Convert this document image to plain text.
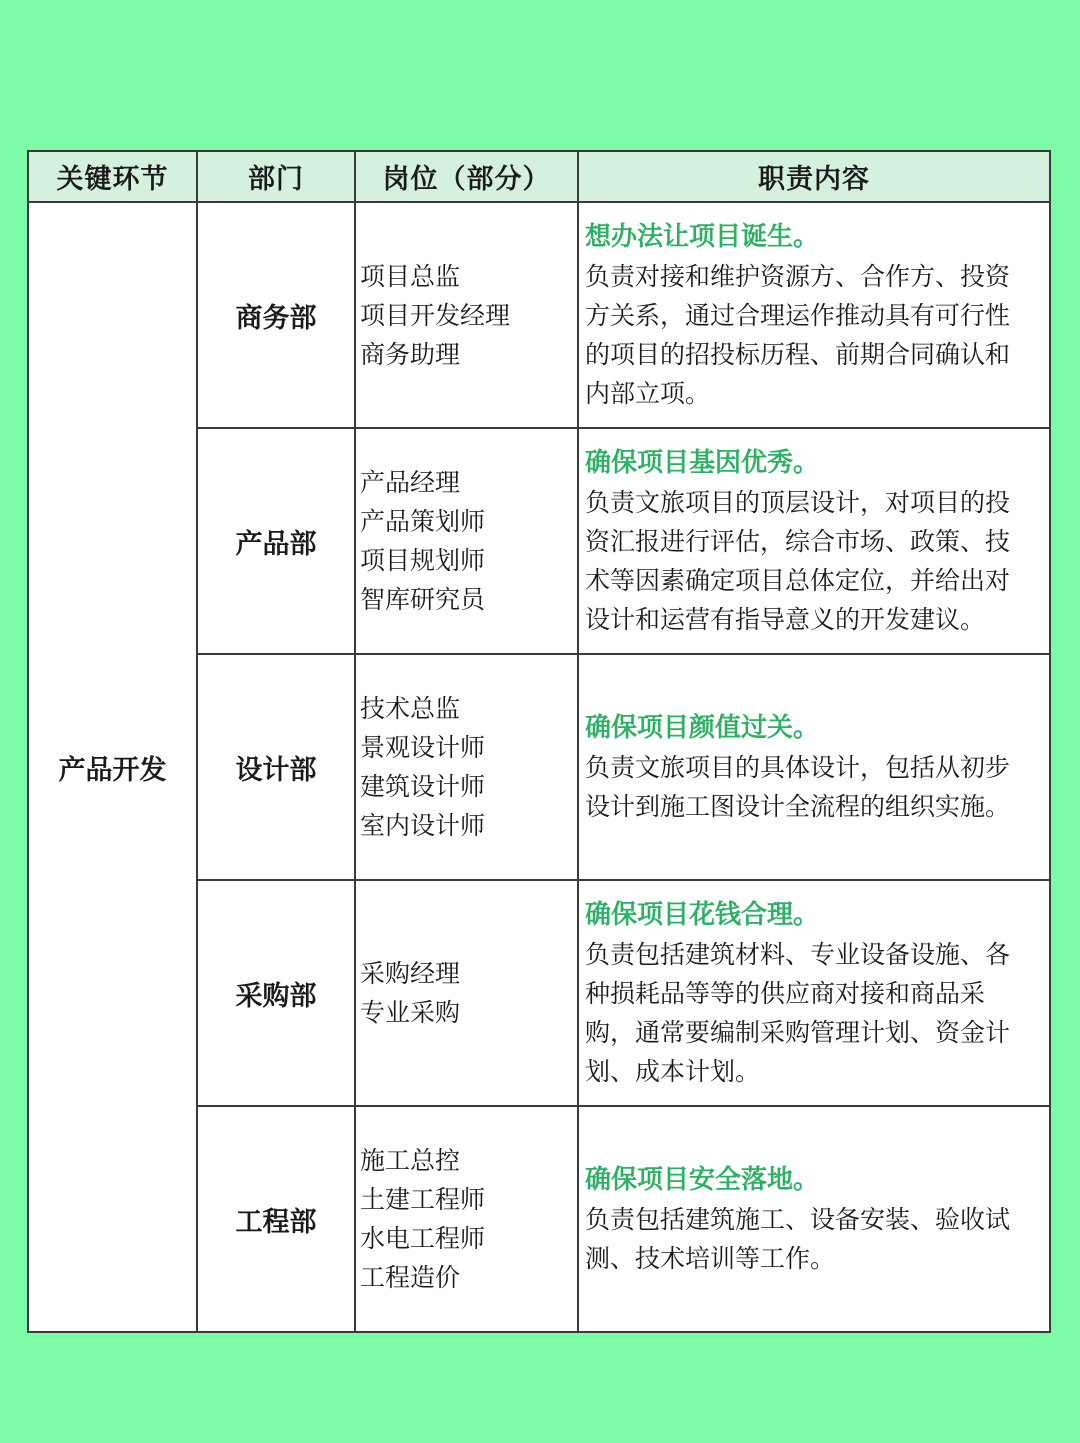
关键环节	部门	岗位（部分）	职责内容
产品开发	商务部	项目总监
项目开发经理
商务助理	想办法让项目诞生。
负责对接和维护资源方、合作方、投资方关系，通过合理运作推动具有可行性的项目的招投标历程、前期合同确认和内部立项。

	产品部	产品经理
产品策划师
项目规划师
智库研究员	确保项目基因优秀。
负责文旅项目的顶层设计，对项目的投资汇报进行评估，综合市场、政策、技术等因素确定项目总体定位，并给出对设计和运营有指导意义的开发建议。

	设计部	技术总监
景观设计师
建筑设计师
室内设计师	确保项目颜值过关。
负责文旅项目的具体设计，包括从初步设计到施工图设计全流程的组织实施。

	采购部	采购经理
专业采购	确保项目花钱合理。
负责包括建筑材料、专业设备设施、各种损耗品等等的供应商对接和商品采购，通常要编制采购管理计划、资金计划、成本计划。

	工程部	施工总控
土建工程师
水电工程师
工程造价	确保项目安全落地。
负责包括建筑施工、设备安装、验收试测、技术培训等工作。
